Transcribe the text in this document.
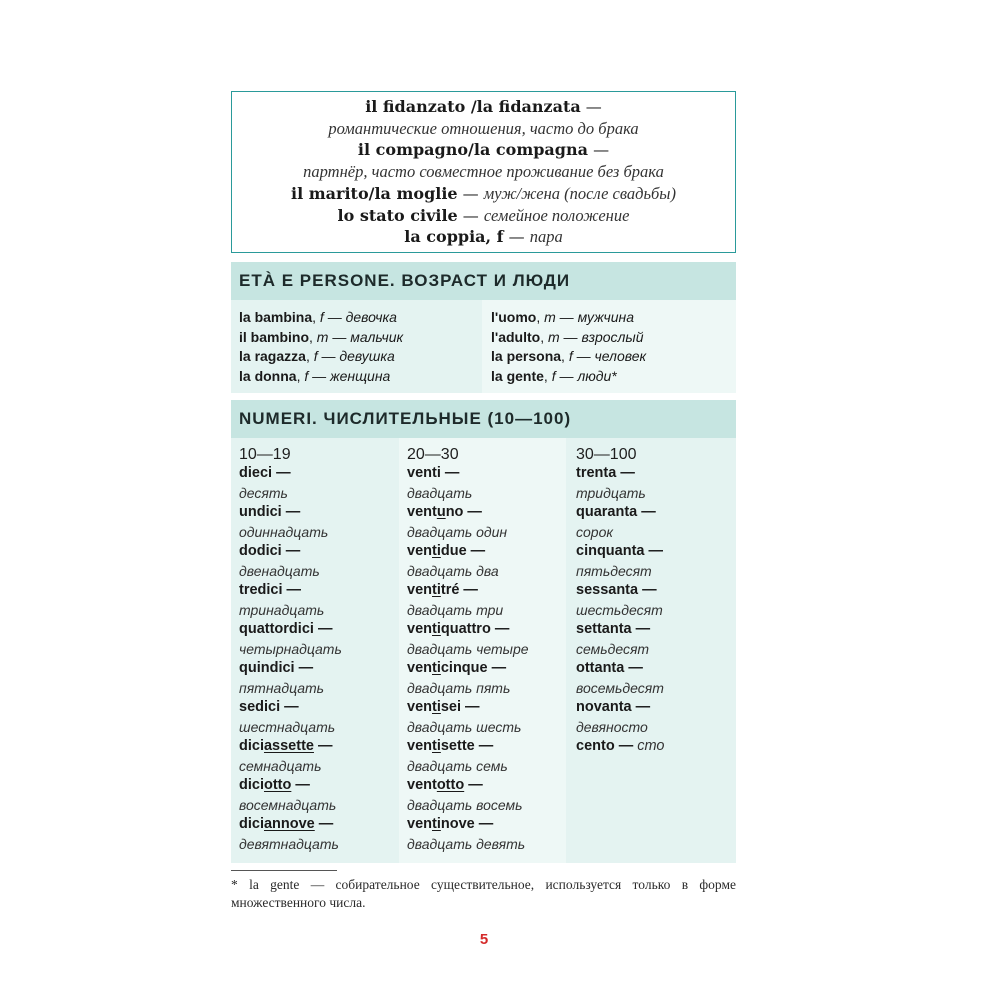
il fidanzato /la fidanzata —
романтические отношения, часто до брака
il compagno/la compagna —
партнёр, часто совместное проживание без брака
il marito/la moglie — муж/жена (после свадьбы)
lo stato civile — семейное положение
la coppia, f — пара
ETÀ E PERSONE. ВОЗРАСТ И ЛЮДИ
la bambina, f — девочка
il bambino, m — мальчик
la ragazza, f — девушка
la donna, f — женщина
l'uomo, m — мужчина
l'adulto, m — взрослый
la persona, f — человек
la gente, f — люди*
NUMERI. ЧИСЛИТЕЛЬНЫЕ (10—100)
10—19
dieci —
десять
undici —
одиннадцать
dodici —
двенадцать
tredici —
тринадцать
quattordici —
четырнадцать
quindici —
пятнадцать
sedici —
шестнадцать
diciassette —
семнадцать
diciotto —
восемнадцать
diciannove —
девятнадцать
20—30
venti —
двадцать
ventuno —
двадцать один
ventidue —
двадцать два
ventitré —
двадцать три
ventiquattro —
двадцать четыре
venticinque —
двадцать пять
ventisei —
двадцать шесть
ventisette —
двадцать семь
ventotto —
двадцать восемь
ventinove —
двадцать девять
30—100
trenta —
тридцать
quaranta —
сорок
cinquanta —
пятьдесят
sessanta —
шестьдесят
settanta —
семьдесят
ottanta —
восемьдесят
novanta —
девяносто
cento — сто
* la gente — собирательное существительное, используется только в форме множественного числа.
5
